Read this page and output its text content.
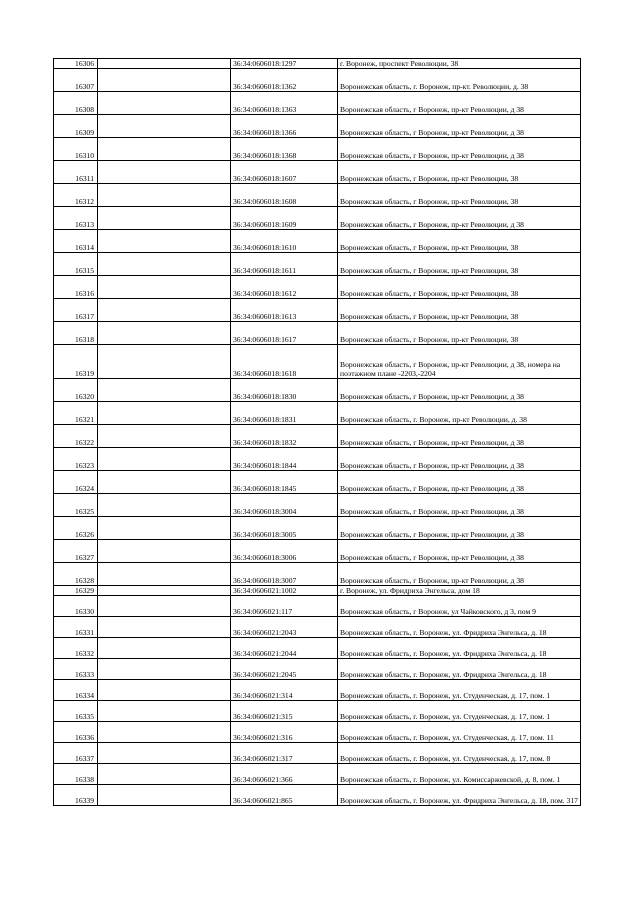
16306		36:34:0606018:1297	г. Воронеж, проспект Революции, 38
16307		36:34:0606018:1362	Воронежская область, г. Воронеж, пр-кт. Революции, д. 38
16308		36:34:0606018:1363	Воронежская область, г Воронеж, пр-кт Революции, д 38
16309		36:34:0606018:1366	Воронежская область, г Воронеж, пр-кт Революции, д 38
16310		36:34:0606018:1368	Воронежская область, г Воронеж, пр-кт Революции, д 38
16311		36:34:0606018:1607	Воронежская область, г Воронеж, пр-кт Революции, 38
16312		36:34:0606018:1608	Воронежская область, г Воронеж, пр-кт Революции, 38
16313		36:34:0606018:1609	Воронежская область, г Воронеж, пр-кт Революции, д 38
16314		36:34:0606018:1610	Воронежская область, г Воронеж, пр-кт Революции, 38
16315		36:34:0606018:1611	Воронежская область, г Воронеж, пр-кт Революции, 38
16316		36:34:0606018:1612	Воронежская область, г Воронеж, пр-кт Революции, 38
16317		36:34:0606018:1613	Воронежская область, г Воронеж, пр-кт Революции, 38
16318		36:34:0606018:1617	Воронежская область, г Воронеж, пр-кт Революции, 38
16319		36:34:0606018:1618	Воронежская область, г Воронеж, пр-кт Революции, д 38, номера на поэтажном плане -2203,-2204
16320		36:34:0606018:1830	Воронежская область, г Воронеж, пр-кт Революции, д 38
16321		36:34:0606018:1831	Воронежская область, г. Воронеж, пр-кт Революции, д. 38
16322		36:34:0606018:1832	Воронежская область, г Воронеж, пр-кт Революции, д 38
16323		36:34:0606018:1844	Воронежская область, г Воронеж, пр-кт Революции, д 38
16324		36:34:0606018:1845	Воронежская область, г Воронеж, пр-кт Революции, д 38
16325		36:34:0606018:3004	Воронежская область, г Воронеж, пр-кт Революции, д 38
16326		36:34:0606018:3005	Воронежская область, г Воронеж, пр-кт Революции, д 38
16327		36:34:0606018:3006	Воронежская область, г Воронеж, пр-кт Революции, д 38
16328		36:34:0606018:3007	Воронежская область, г Воронеж, пр-кт Революции, д 38
16329		36:34:0606021:1002	г. Воронеж, ул. Фридриха Энгельса, дом 18
16330		36:34:0606021:117	Воронежская область, г Воронеж, ул Чайковского, д 3, пом 9
16331		36:34:0606021:2043	Воронежская область, г. Воронеж, ул. Фридриха Энгельса, д. 18
16332		36:34:0606021:2044	Воронежская область, г. Воронеж, ул. Фридриха Энгельса, д. 18
16333		36:34:0606021:2045	Воронежская область, г. Воронеж, ул. Фридриха Энгельса, д. 18
16334		36:34:0606021:314	Воронежская область, г. Воронеж, ул. Студенческая, д. 17, пом. 1
16335		36:34:0606021:315	Воронежская область, г. Воронеж, ул. Студенческая, д. 17, пом. 1
16336		36:34:0606021:316	Воронежская область, г. Воронеж, ул. Студенческая, д. 17, пом. 11
16337		36:34:0606021:317	Воронежская область, г. Воронеж, ул. Студенческая, д. 17, пом. 8
16338		36:34:0606021:366	Воронежская область, г. Воронеж, ул. Комиссаржевской, д. 8, пом. 1
16339		36:34:0606021:865	Воронежская область, г. Воронеж, ул. Фридриха Энгельса, д. 18, пом. 317
